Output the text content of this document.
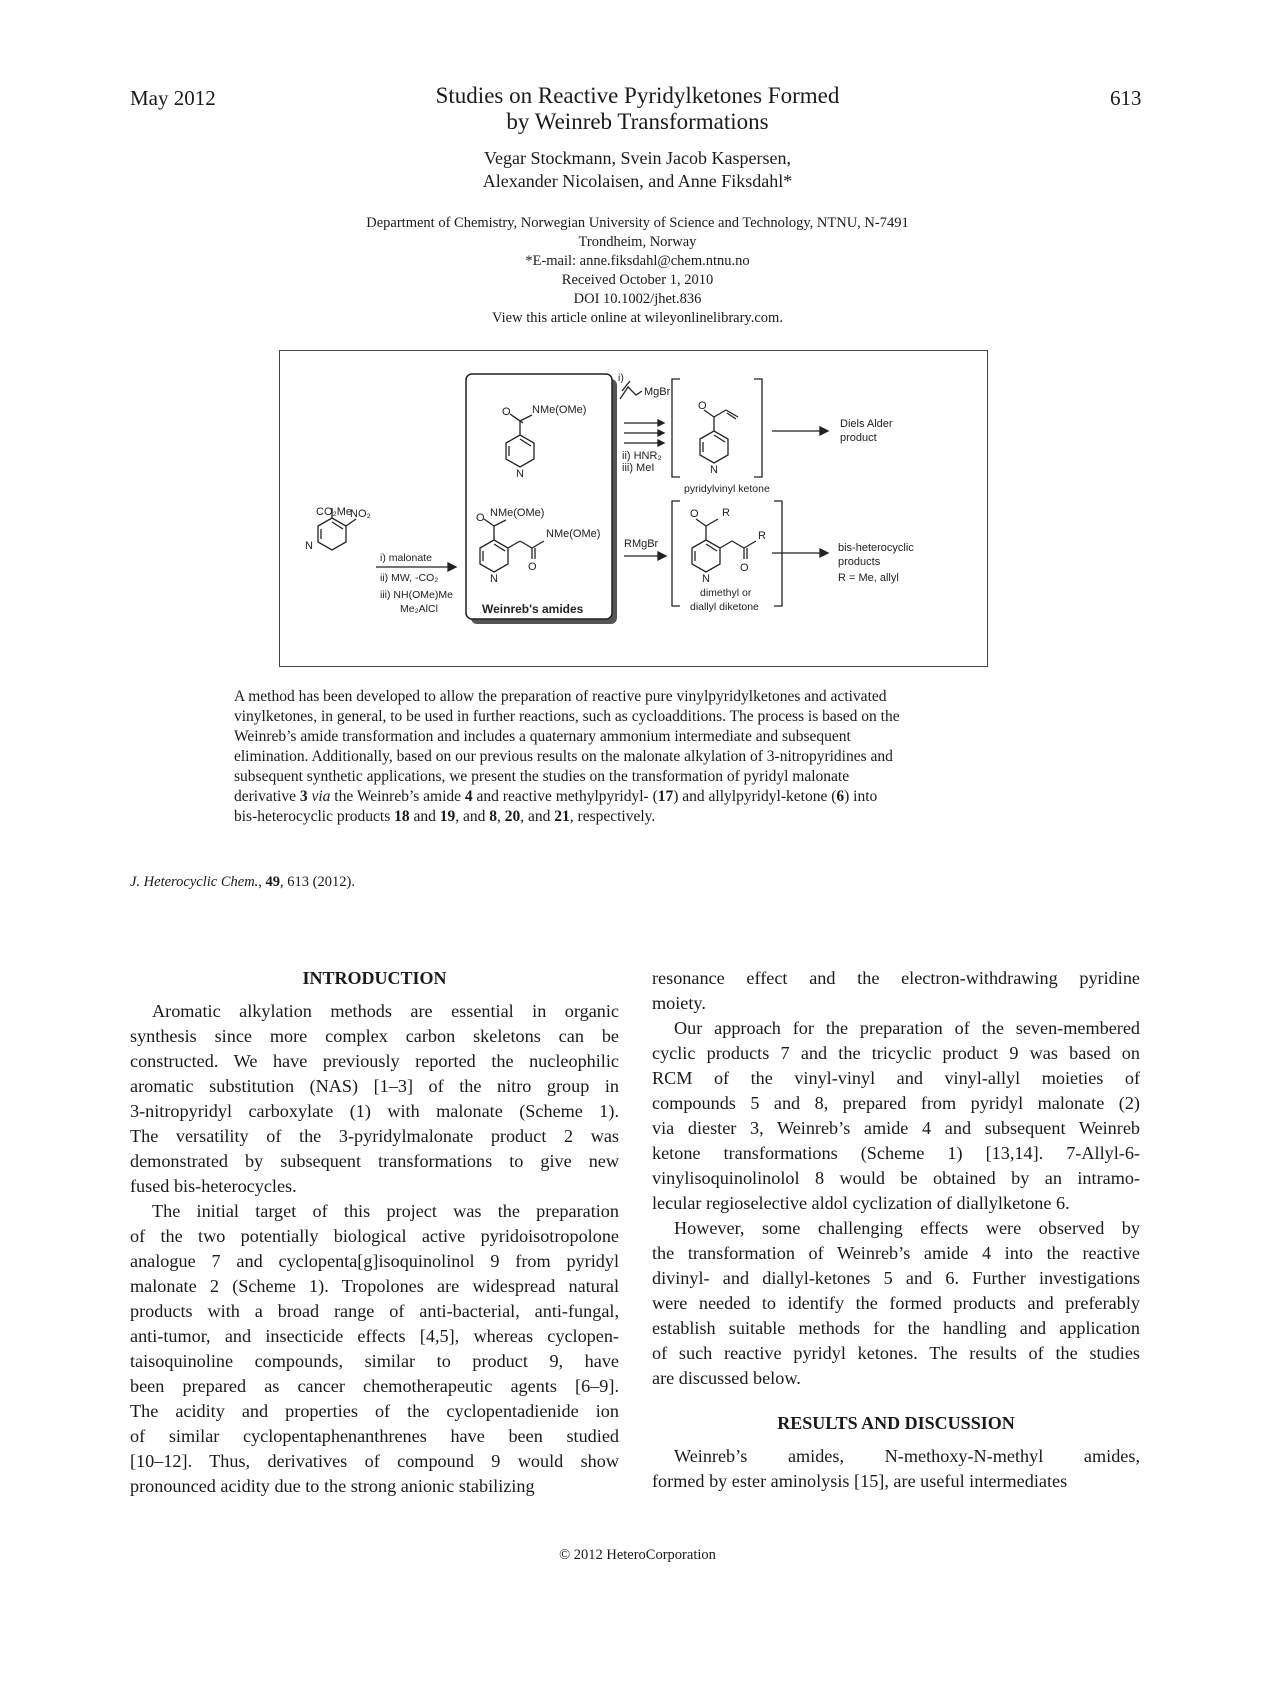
May 2012	613
Studies on Reactive Pyridylketones Formed
by Weinreb Transformations
Vegar Stockmann, Svein Jacob Kaspersen,
Alexander Nicolaisen, and Anne Fiksdahl*
Department of Chemistry, Norwegian University of Science and Technology, NTNU, N-7491
Trondheim, Norway
*E-mail: anne.fiksdahl@chem.ntnu.no
Received October 1, 2010
DOI 10.1002/jhet.836
View this article online at wileyonlinelibrary.com.
CO₂Me
NO₂
N
i) malonate
ii) MW, -CO₂
iii) NH(OMe)Me
Me₂AlCl
O NMe(OMe)
N
O NMe(OMe)
NMe(OMe)
O
N
Weinreb's amides
i)
MgBr
ii) HNR₂
iii) MeI
O
N
pyridylvinyl ketone
Diels Alder
product
RMgBr
O R
R
O
N
dimethyl or
diallyl diketone
bis-heterocyclic
products
R = Me, allyl
A method has been developed to allow the preparation of reactive pure vinylpyridylketones and activated
vinylketones, in general, to be used in further reactions, such as cycloadditions. The process is based on the
Weinreb’s amide transformation and includes a quaternary ammonium intermediate and subsequent
elimination. Additionally, based on our previous results on the malonate alkylation of 3-nitropyridines and
subsequent synthetic applications, we present the studies on the transformation of pyridyl malonate
derivative 3 via the Weinreb’s amide 4 and reactive methylpyridyl- (17) and allylpyridyl-ketone (6) into
bis-heterocyclic products 18 and 19, and 8, 20, and 21, respectively.
J. Heterocyclic Chem., 49, 613 (2012).
INTRODUCTION
Aromatic alkylation methods are essential in organic
synthesis since more complex carbon skeletons can be
constructed. We have previously reported the nucleophilic
aromatic substitution (NAS) [1–3] of the nitro group in
3-nitropyridyl carboxylate (1) with malonate (Scheme 1).
The versatility of the 3-pyridylmalonate product 2 was
demonstrated by subsequent transformations to give new
fused bis-heterocycles.
The initial target of this project was the preparation
of the two potentially biological active pyridoisotropolone
analogue 7 and cyclopenta[g]isoquinolinol 9 from pyridyl
malonate 2 (Scheme 1). Tropolones are widespread natural
products with a broad range of anti-bacterial, anti-fungal,
anti-tumor, and insecticide effects [4,5], whereas cyclopen-
taisoquinoline compounds, similar to product 9, have
been prepared as cancer chemotherapeutic agents [6–9].
The acidity and properties of the cyclopentadienide ion
of similar cyclopentaphenanthrenes have been studied
[10–12]. Thus, derivatives of compound 9 would show
pronounced acidity due to the strong anionic stabilizing
resonance effect and the electron-withdrawing pyridine
moiety.
Our approach for the preparation of the seven-membered
cyclic products 7 and the tricyclic product 9 was based on
RCM of the vinyl-vinyl and vinyl-allyl moieties of
compounds 5 and 8, prepared from pyridyl malonate (2)
via diester 3, Weinreb’s amide 4 and subsequent Weinreb
ketone transformations (Scheme 1) [13,14]. 7-Allyl-6-
vinylisoquinolinolol 8 would be obtained by an intramo-
lecular regioselective aldol cyclization of diallylketone 6.
However, some challenging effects were observed by
the transformation of Weinreb’s amide 4 into the reactive
divinyl- and diallyl-ketones 5 and 6. Further investigations
were needed to identify the formed products and preferably
establish suitable methods for the handling and application
of such reactive pyridyl ketones. The results of the studies
are discussed below.
RESULTS AND DISCUSSION
Weinreb’s amides, N-methoxy-N-methyl amides,
formed by ester aminolysis [15], are useful intermediates
© 2012 HeteroCorporation
